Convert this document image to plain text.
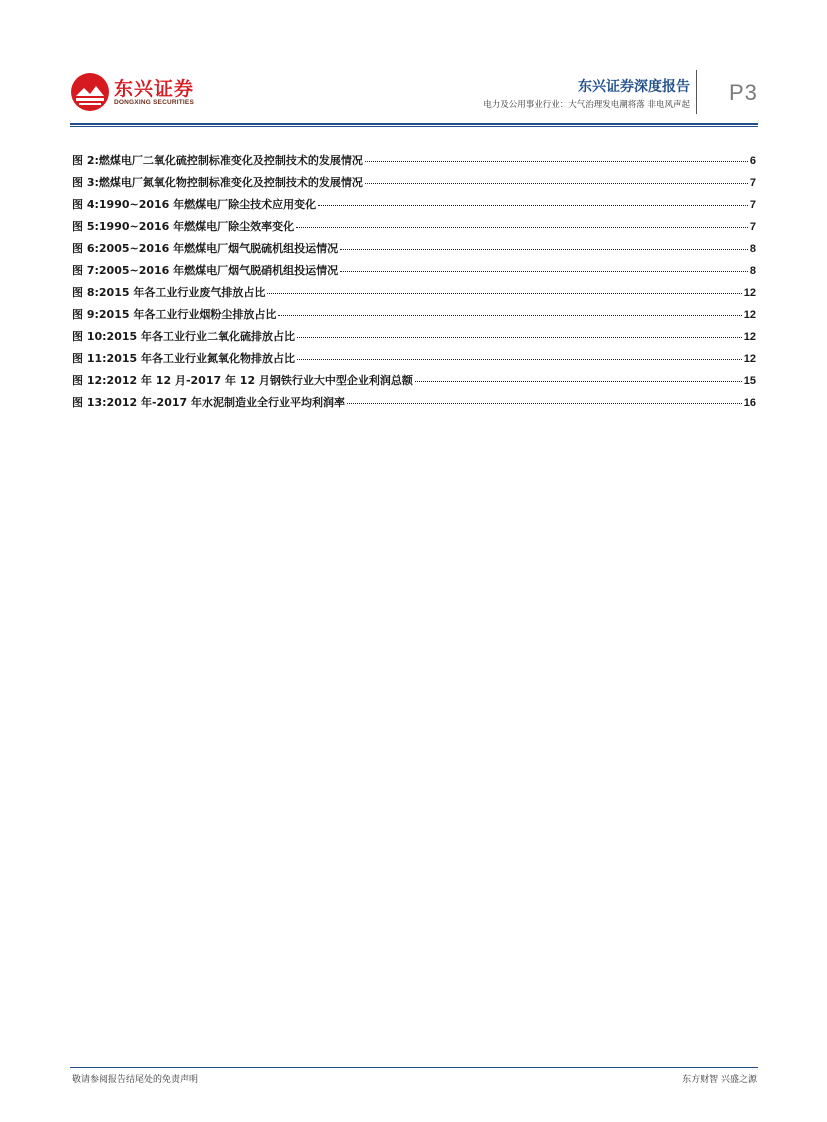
东兴证券
DONGXING SECURITIES
东兴证券深度报告
电力及公用事业行业：大气治理发电潮将落 非电风声起 P3
图 2:燃煤电厂二氧化硫控制标准变化及控制技术的发展情况	6
图 3:燃煤电厂氮氧化物控制标准变化及控制技术的发展情况	7
图 4:1990~2016 年燃煤电厂除尘技术应用变化	7
图 5:1990~2016 年燃煤电厂除尘效率变化	7
图 6:2005~2016 年燃煤电厂烟气脱硫机组投运情况	8
图 7:2005~2016 年燃煤电厂烟气脱硝机组投运情况	8
图 8:2015 年各工业行业废气排放占比	12
图 9:2015 年各工业行业烟粉尘排放占比	12
图 10:2015 年各工业行业二氧化硫排放占比	12
图 11:2015 年各工业行业氮氧化物排放占比	12
图 12:2012 年 12 月-2017 年 12 月钢铁行业大中型企业利润总额	15
图 13:2012 年-2017 年水泥制造业全行业平均利润率	16
敬请参阅报告结尾处的免责声明	东方财智 兴盛之源
